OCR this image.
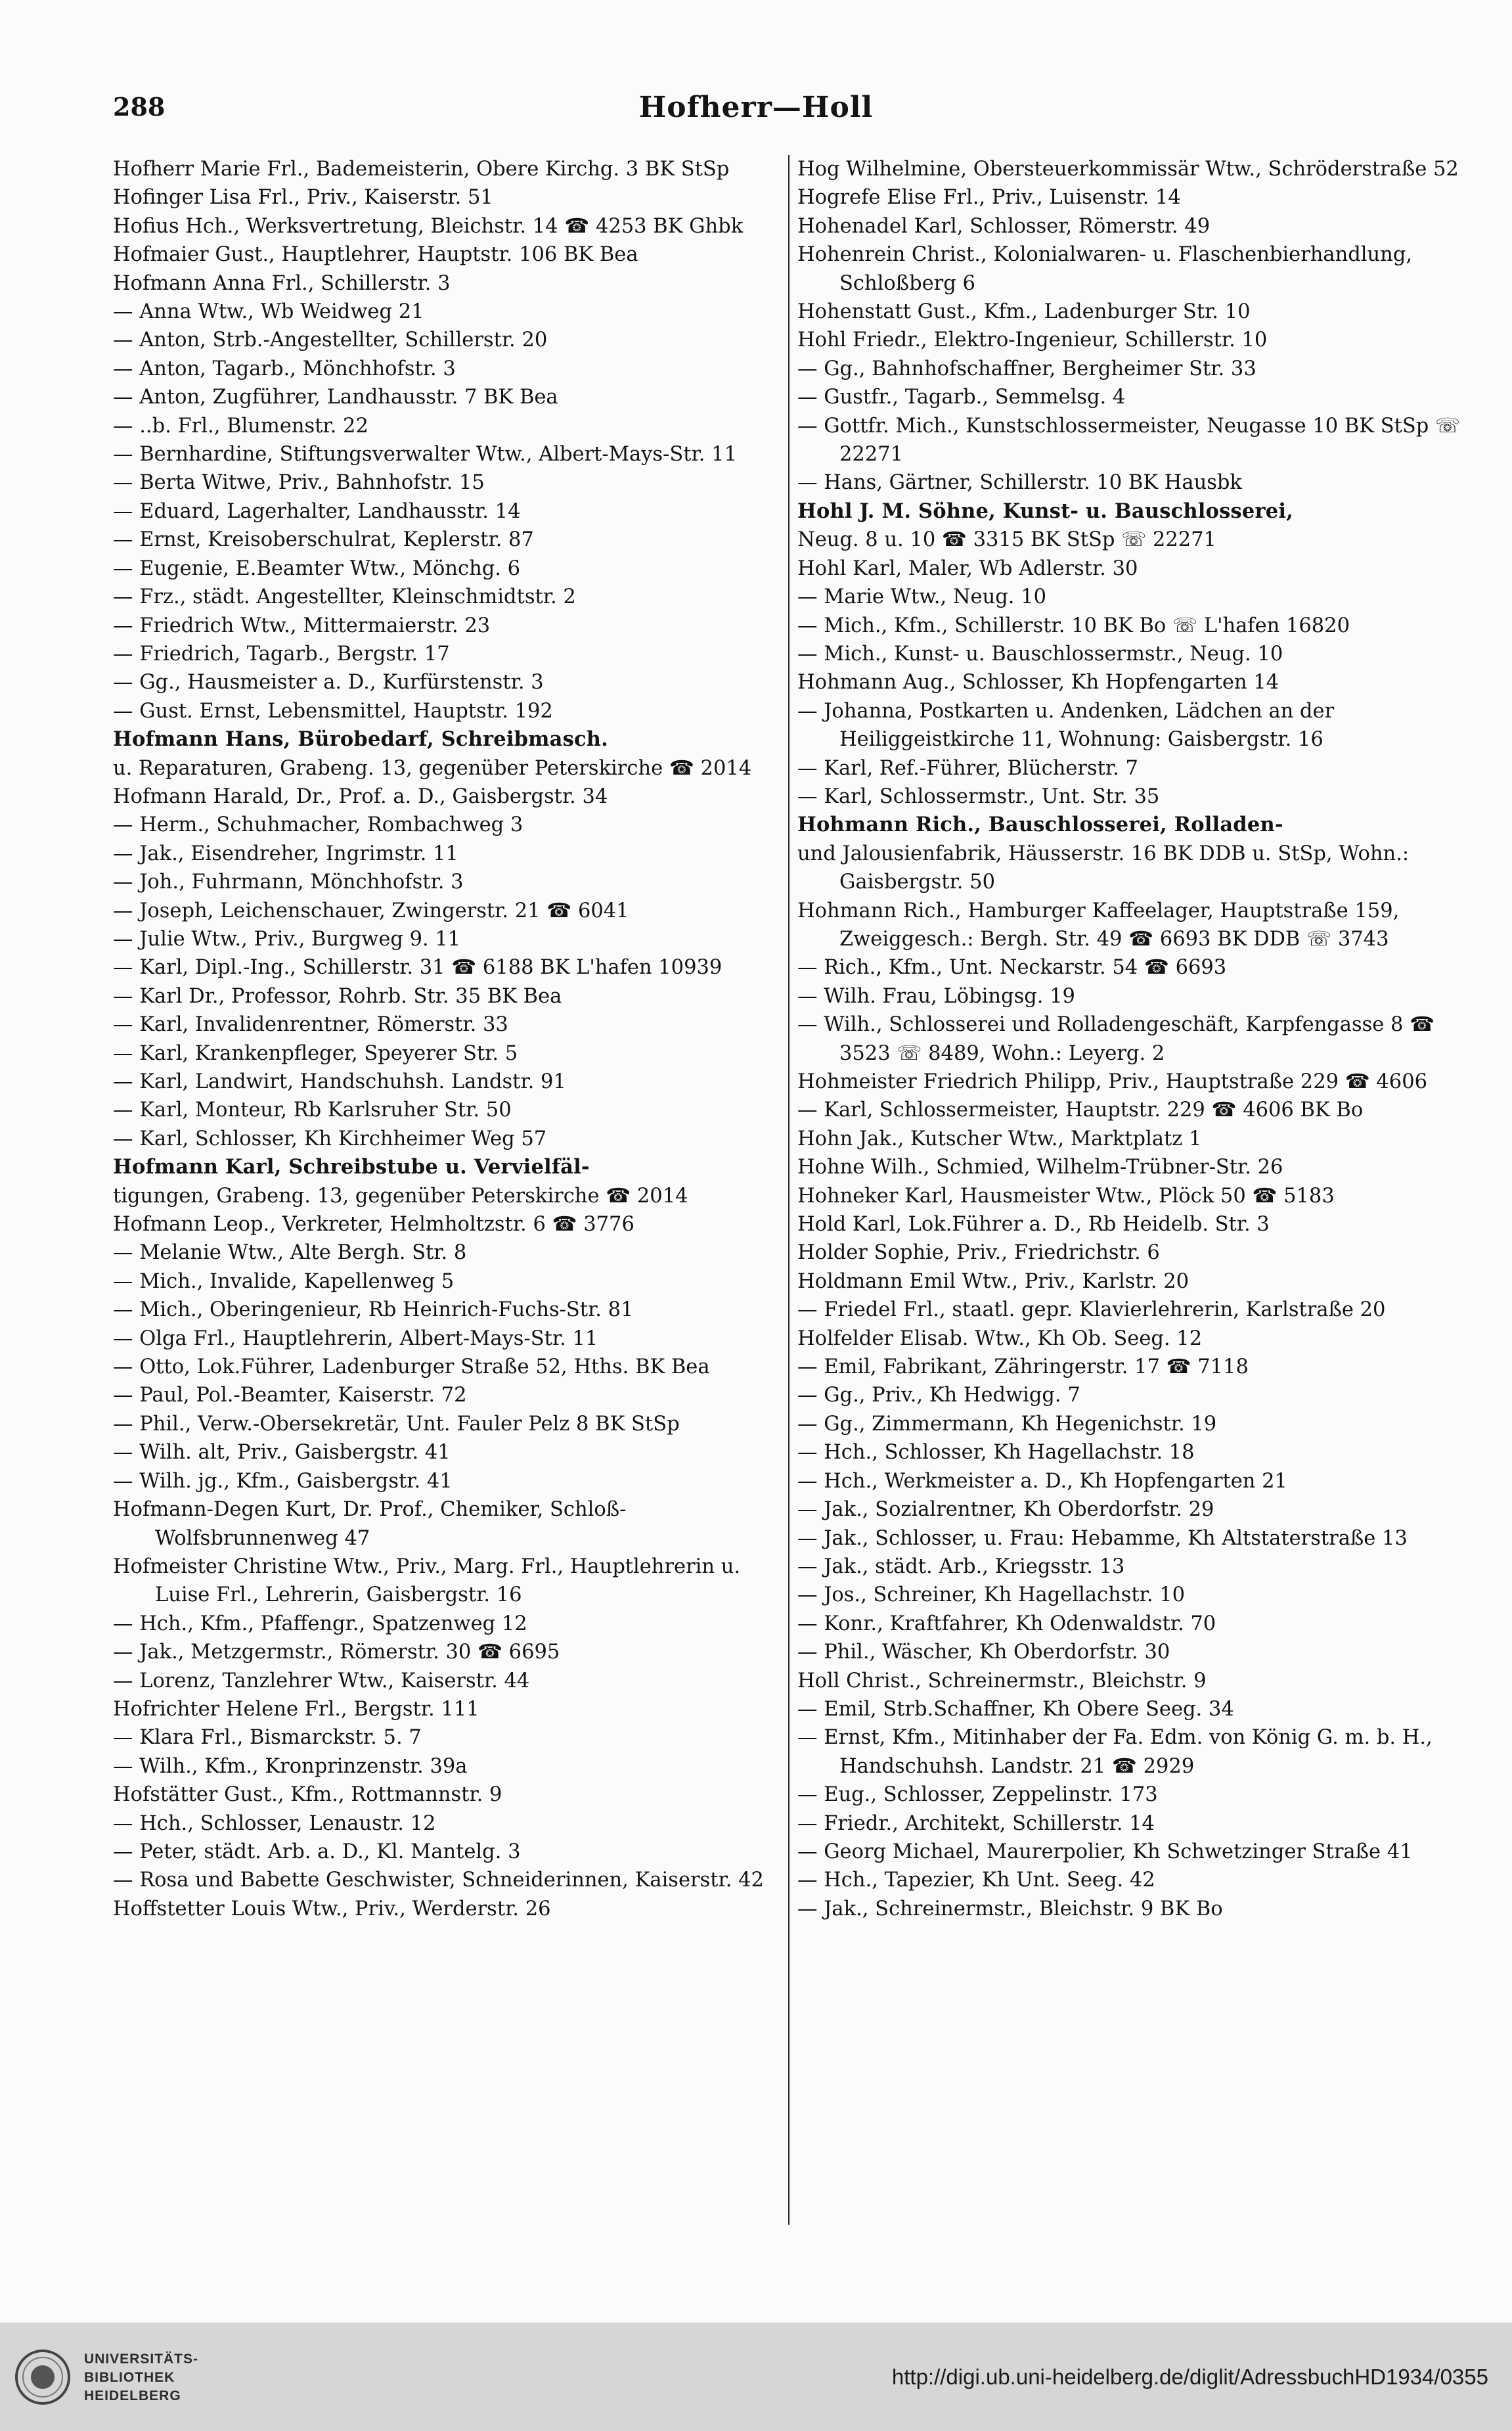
288	Hofherr—Holl
Hofherr Marie Frl., Bademeisterin, Obere Kirchg. 3 BK StSp
Hofinger Lisa Frl., Priv., Kaiserstr. 51
Hofius Hch., Werksvertretung, Bleichstr. 14 ☎ 4253 BK Ghbk
Hofmaier Gust., Hauptlehrer, Hauptstr. 106 BK Bea
Hofmann Anna Frl., Schillerstr. 3
— Anna Wtw., Wb Weidweg 21
— Anton, Strb.-Angestellter, Schillerstr. 20
— Anton, Tagarb., Mönchhofstr. 3
— Anton, Zugführer, Landhausstr. 7 BK Bea
— ..b. Frl., Blumenstr. 22
— Bernhardine, Stiftungsverwalter Wtw., Albert-Mays-Str. 11
— Berta Witwe, Priv., Bahnhofstr. 15
— Eduard, Lagerhalter, Landhausstr. 14
— Ernst, Kreisoberschulrat, Keplerstr. 87
— Eugenie, E.Beamter Wtw., Mönchg. 6
— Frz., städt. Angestellter, Kleinschmidtstr. 2
— Friedrich Wtw., Mittermaierstr. 23
— Friedrich, Tagarb., Bergstr. 17
— Gg., Hausmeister a. D., Kurfürstenstr. 3
— Gust. Ernst, Lebensmittel, Hauptstr. 192
Hofmann Hans, Bürobedarf, Schreibmasch.
u. Reparaturen, Grabeng. 13, gegenüber Peterskirche ☎ 2014
Hofmann Harald, Dr., Prof. a. D., Gaisbergstr. 34
— Herm., Schuhmacher, Rombachweg 3
— Jak., Eisendreher, Ingrimstr. 11
— Joh., Fuhrmann, Mönchhofstr. 3
— Joseph, Leichenschauer, Zwingerstr. 21 ☎ 6041
— Julie Wtw., Priv., Burgweg 9. 11
— Karl, Dipl.-Ing., Schillerstr. 31 ☎ 6188 BK L'hafen 10939
— Karl Dr., Professor, Rohrb. Str. 35 BK Bea
— Karl, Invalidenrentner, Römerstr. 33
— Karl, Krankenpfleger, Speyerer Str. 5
— Karl, Landwirt, Handschuhsh. Landstr. 91
— Karl, Monteur, Rb Karlsruher Str. 50
— Karl, Schlosser, Kh Kirchheimer Weg 57
Hofmann Karl, Schreibstube u. Vervielfäl-
tigungen, Grabeng. 13, gegenüber Peterskirche ☎ 2014
Hofmann Leop., Verkreter, Helmholtzstr. 6 ☎ 3776
— Melanie Wtw., Alte Bergh. Str. 8
— Mich., Invalide, Kapellenweg 5
— Mich., Oberingenieur, Rb Heinrich-Fuchs-Str. 81
— Olga Frl., Hauptlehrerin, Albert-Mays-Str. 11
— Otto, Lok.Führer, Ladenburger Straße 52, Hths. BK Bea
— Paul, Pol.-Beamter, Kaiserstr. 72
— Phil., Verw.-Obersekretär, Unt. Fauler Pelz 8 BK StSp
— Wilh. alt, Priv., Gaisbergstr. 41
— Wilh. jg., Kfm., Gaisbergstr. 41
Hofmann-Degen Kurt, Dr. Prof., Chemiker, Schloß-Wolfsbrunnenweg 47
Hofmeister Christine Wtw., Priv., Marg. Frl., Hauptlehrerin u. Luise Frl., Lehrerin, Gaisbergstr. 16
— Hch., Kfm., Pfaffengr., Spatzenweg 12
— Jak., Metzgermstr., Römerstr. 30 ☎ 6695
— Lorenz, Tanzlehrer Wtw., Kaiserstr. 44
Hofrichter Helene Frl., Bergstr. 111
— Klara Frl., Bismarckstr. 5. 7
— Wilh., Kfm., Kronprinzenstr. 39a
Hofstätter Gust., Kfm., Rottmannstr. 9
— Hch., Schlosser, Lenaustr. 12
— Peter, städt. Arb. a. D., Kl. Mantelg. 3
— Rosa und Babette Geschwister, Schneiderinnen, Kaiserstr. 42
Hoffstetter Louis Wtw., Priv., Werderstr. 26
Hog Wilhelmine, Obersteuerkommissär Wtw., Schröderstraße 52
Hogrefe Elise Frl., Priv., Luisenstr. 14
Hohenadel Karl, Schlosser, Römerstr. 49
Hohenrein Christ., Kolonialwaren- u. Flaschenbierhandlung, Schloßberg 6
Hohenstatt Gust., Kfm., Ladenburger Str. 10
Hohl Friedr., Elektro-Ingenieur, Schillerstr. 10
— Gg., Bahnhofschaffner, Bergheimer Str. 33
— Gustfr., Tagarb., Semmelsg. 4
— Gottfr. Mich., Kunstschlossermeister, Neugasse 10 BK StSp ☏ 22271
— Hans, Gärtner, Schillerstr. 10 BK Hausbk
Hohl J. M. Söhne, Kunst- u. Bauschlosserei,
Neug. 8 u. 10 ☎ 3315 BK StSp ☏ 22271
Hohl Karl, Maler, Wb Adlerstr. 30
— Marie Wtw., Neug. 10
— Mich., Kfm., Schillerstr. 10 BK Bo ☏ L'hafen 16820
— Mich., Kunst- u. Bauschlossermstr., Neug. 10
Hohmann Aug., Schlosser, Kh Hopfengarten 14
— Johanna, Postkarten u. Andenken, Lädchen an der Heiliggeistkirche 11, Wohnung: Gaisbergstr. 16
— Karl, Ref.-Führer, Blücherstr. 7
— Karl, Schlossermstr., Unt. Str. 35
Hohmann Rich., Bauschlosserei, Rolladen-
und Jalousienfabrik, Häusserstr. 16 BK DDB u. StSp, Wohn.: Gaisbergstr. 50
Hohmann Rich., Hamburger Kaffeelager, Hauptstraße 159, Zweiggesch.: Bergh. Str. 49 ☎ 6693 BK DDB ☏ 3743
— Rich., Kfm., Unt. Neckarstr. 54 ☎ 6693
— Wilh. Frau, Löbingsg. 19
— Wilh., Schlosserei und Rolladengeschäft, Karpfengasse 8 ☎ 3523 ☏ 8489, Wohn.: Leyerg. 2
Hohmeister Friedrich Philipp, Priv., Hauptstraße 229 ☎ 4606
— Karl, Schlossermeister, Hauptstr. 229 ☎ 4606 BK Bo
Hohn Jak., Kutscher Wtw., Marktplatz 1
Hohne Wilh., Schmied, Wilhelm-Trübner-Str. 26
Hohneker Karl, Hausmeister Wtw., Plöck 50 ☎ 5183
Hold Karl, Lok.Führer a. D., Rb Heidelb. Str. 3
Holder Sophie, Priv., Friedrichstr. 6
Holdmann Emil Wtw., Priv., Karlstr. 20
— Friedel Frl., staatl. gepr. Klavierlehrerin, Karlstraße 20
Holfelder Elisab. Wtw., Kh Ob. Seeg. 12
— Emil, Fabrikant, Zähringerstr. 17 ☎ 7118
— Gg., Priv., Kh Hedwigg. 7
— Gg., Zimmermann, Kh Hegenichstr. 19
— Hch., Schlosser, Kh Hagellachstr. 18
— Hch., Werkmeister a. D., Kh Hopfengarten 21
— Jak., Sozialrentner, Kh Oberdorfstr. 29
— Jak., Schlosser, u. Frau: Hebamme, Kh Altstaterstraße 13
— Jak., städt. Arb., Kriegsstr. 13
— Jos., Schreiner, Kh Hagellachstr. 10
— Konr., Kraftfahrer, Kh Odenwaldstr. 70
— Phil., Wäscher, Kh Oberdorfstr. 30
Holl Christ., Schreinermstr., Bleichstr. 9
— Emil, Strb.Schaffner, Kh Obere Seeg. 34
— Ernst, Kfm., Mitinhaber der Fa. Edm. von König G. m. b. H., Handschuhsh. Landstr. 21 ☎ 2929
— Eug., Schlosser, Zeppelinstr. 173
— Friedr., Architekt, Schillerstr. 14
— Georg Michael, Maurerpolier, Kh Schwetzinger Straße 41
— Hch., Tapezier, Kh Unt. Seeg. 42
— Jak., Schreinermstr., Bleichstr. 9 BK Bo
UNIVERSITÄTS-
BIBLIOTHEK
HEIDELBERG
http://digi.ub.uni-heidelberg.de/diglit/AdressbuchHD1934/0355
